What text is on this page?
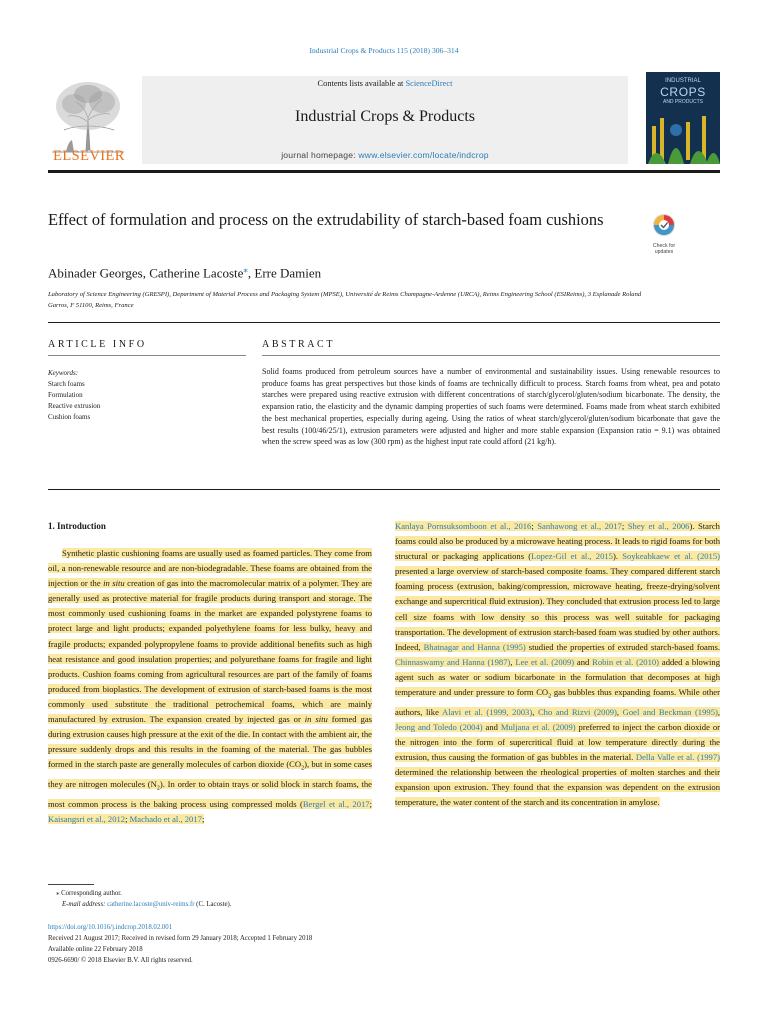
Industrial Crops & Products 115 (2018) 306–314
ELSEVIER
Contents lists available at ScienceDirect
Industrial Crops & Products
journal homepage: www.elsevier.com/locate/indcrop
INDUSTRIAL
CROPS
AND PRODUCTS
Effect of formulation and process on the extrudability of starch-based foam cushions
Check for
updates
Abinader Georges, Catherine Lacoste⁎, Erre Damien
Laboratory of Science Engineering (GRESPI), Department of Material Process and Packaging System (MPSE), Université de Reims Champagne-Ardenne (URCA), Reims Engineering School (ESIReims), 3 Esplanade Roland Garros, F 51100, Reims, France
ARTICLE INFO
Keywords:
Starch foams
Formulation
Reactive extrusion
Cushion foams
ABSTRACT
Solid foams produced from petroleum sources have a number of environmental and sustainability issues. Using renewable resources to produce foams has great perspectives but those kinds of foams are technically difficult to process. Starch foams from wheat, pea and potato starches were prepared using reactive extrusion with different concentrations of starch/glycerol/gluten/sodium bicarbonate. The density, the expansion ratio, the elasticity and the dynamic damping properties of such foams were determined. Foams made from wheat starch exhibited the best mechanical properties, especially during ageing. Using the ratios of wheat starch/glycerol/gluten/sodium bicarbonate that gave the best results (100/46/25/1), extrusion parameters were adjusted and higher and more stable expansion (Expansion ratio = 9.1) was obtained when the screw speed was as low (300 rpm) as the highest input rate could afford (21 kg/h).
1. Introduction
Synthetic plastic cushioning foams are usually used as foamed particles. They come from oil, a non-renewable resource and are non-biodegradable. These foams are obtained from the injection or the in situ creation of gas into the macromolecular matrix of a polymer. They are generally used as protective material for fragile products during transport and storage. The most commonly used cushioning foams in the market are expanded polystyrene foams to protect large and light products; expanded polyethylene foams for less bulky, heavy and fragile products; expanded polypropylene foams to provide additional benefits such as high heat resistance and good insulation properties; and polyurethane foams for fragile and light products. Cushion foams coming from agricultural resources are part of the family of foams produced from bioplastics. The development of extrusion of starch-based foams is the most commonly used substitute the traditional petrochemical foams, which are mainly manufactured by extrusion. The expansion created by injected gas or in situ formed gas during extrusion causes high pressure at the exit of the die. In contact with the ambient air, the pressure suddenly drops and this results in the foaming of the material. The gas bubbles formed in the starch paste are generally molecules of carbon dioxide $(CO_2)$, but in some cases they are nitrogen molecules $(N_2)$. In order to obtain trays or solid block in starch foams, the most common process is the baking process using compressed molds (Bergel et al., 2017; Kaisangsri et al., 2012; Machado et al., 2017;
Kanlaya Pornsuksomboon et al., 2016; Sanhawong et al., 2017; Shey et al., 2006). Starch foams could also be produced by a microwave heating process. It leads to rigid foams for both structural or packaging applications (Lopez-Gil et al., 2015). Soykeabkaew et al. (2015) presented a large overview of starch-based composite foams. They compared different starch foaming process (extrusion, baking/compression, microwave heating, freeze-drying/solvent exchange and supercritical fluid extrusion). They concluded that extrusion process led to large cell size foams with low density so this process was well suitable for packaging transportation. The development of extrusion starch-based foam was studied by other authors. Indeed, Bhatnagar and Hanna (1995) studied the properties of extruded starch-based foams. Chinnaswamy and Hanna (1987), Lee et al. (2009) and Robin et al. (2010) added a blowing agent such as water or sodium bicarbonate in the formulation that decomposes at high temperature and under pressure to form $CO_2$ gas bubbles thus expanding foams. While other authors, like Alavi et al. (1999, 2003), Cho and Rizvi (2009), Goel and Beckman (1995), Jeong and Toledo (2004) and Muljana et al. (2009) preferred to inject the carbon dioxide or the nitrogen into the form of supercritical fluid at low temperature directly during the extrusion, thus causing the formation of gas bubbles in the material. Della Valle et al. (1997) determined the relationship between the rheological properties of molten starches and their expansion upon extrusion. They found that the expansion was dependent on the extrusion temperature, the water content of the starch and its concentration in amylose.
⁎ Corresponding author.
E-mail address: catherine.lacoste@univ-reims.fr (C. Lacoste).
https://doi.org/10.1016/j.indcrop.2018.02.001
Received 21 August 2017; Received in revised form 29 January 2018; Accepted 1 February 2018
Available online 22 February 2018
0926-6690/ © 2018 Elsevier B.V. All rights reserved.
